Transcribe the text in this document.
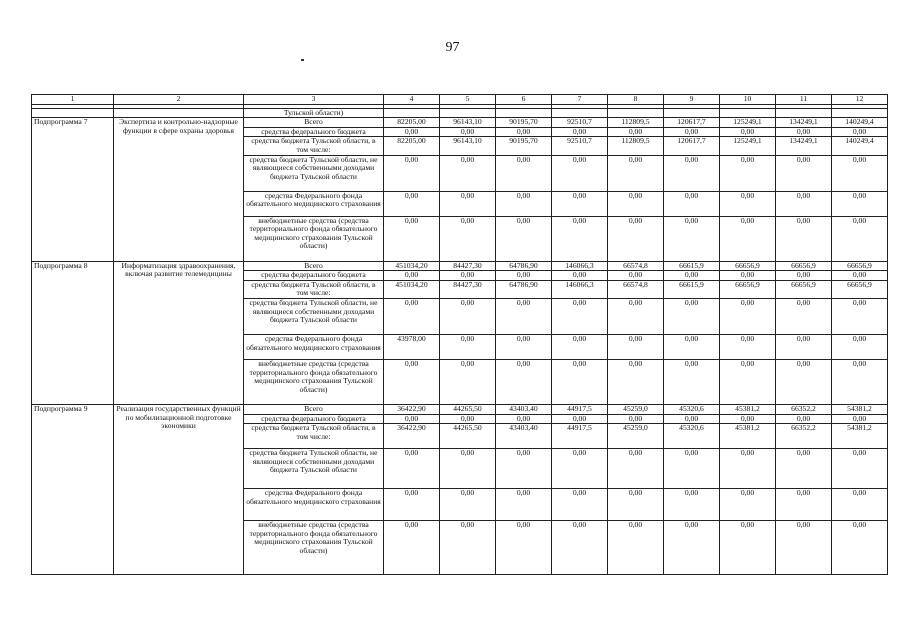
97
1	2	3	4	5	6	7	8	9	10	11	12

		Тульской области)									
Подпрограмма 7	Экспертиза и контрольно-надзорные функции в сфере охраны здоровья	Всего	82205,00	96143,10	90195,70	92510,7	112809,5	120617,7	125249,1	134249,1	140249,4
		средства федерального бюджета	0,00	0,00	0,00	0,00	0,00	0,00	0,00	0,00	0,00
		средства бюджета Тульской области, в том числе:	82205,00	96143,10	90195,70	92510,7	112809,5	120617,7	125249,1	134249,1	140249,4
		средства бюджета Тульской области, не являющиеся собственными доходами бюджета Тульской области	0,00	0,00	0,00	0,00	0,00	0,00	0,00	0,00	0,00
		средства Федерального фонда обязательного медицинского страхования	0,00	0,00	0,00	0,00	0,00	0,00	0,00	0,00	0,00
		внебюджетные средства (средства территориального фонда обязательного медицинского страхования Тульской области)	0,00	0,00	0,00	0,00	0,00	0,00	0,00	0,00	0,00
Подпрограмма 8	Информатизация здравоохранения, включая развитие телемедицины	Всего	451034,20	84427,30	64786,90	146066,3	66574,8	66615,9	66656,9	66656,9	66656,9
		средства федерального бюджета	0,00	0,00	0,00	0,00	0,00	0,00	0,00	0,00	0,00
		средства бюджета Тульской области, в том числе:	451034,20	84427,30	64786,90	146066,3	66574,8	66615,9	66656,9	66656,9	66656,9
		средства бюджета Тульской области, не являющиеся собственными доходами бюджета Тульской области	0,00	0,00	0,00	0,00	0,00	0,00	0,00	0,00	0,00
		средства Федерального фонда обязательного медицинского страхования	43978,00	0,00	0,00	0,00	0,00	0,00	0,00	0,00	0,00
		внебюджетные средства (средства территориального фонда обязательного медицинского страхования Тульской области)	0,00	0,00	0,00	0,00	0,00	0,00	0,00	0,00	0,00
Подпрограмма 9	Реализация государственных функций по мобилизационной подготовке экономики	Всего	36422,90	44265,50	43403,40	44917,5	45259,0	45320,6	45381,2	66352,2	54381,2
		средства федерального бюджета	0,00	0,00	0,00	0,00	0,00	0,00	0,00	0,00	0,00
		средства бюджета Тульской области, в том числе:	36422,90	44265,50	43403,40	44917,5	45259,0	45320,6	45381,2	66352,2	54381,2
		средства бюджета Тульской области, не являющиеся собственными доходами бюджета Тульской области	0,00	0,00	0,00	0,00	0,00	0,00	0,00	0,00	0,00
		средства Федерального фонда обязательного медицинского страхования	0,00	0,00	0,00	0,00	0,00	0,00	0,00	0,00	0,00
		внебюджетные средства (средства территориального фонда обязательного медицинского страхования Тульской области)	0,00	0,00	0,00	0,00	0,00	0,00	0,00	0,00	0,00
